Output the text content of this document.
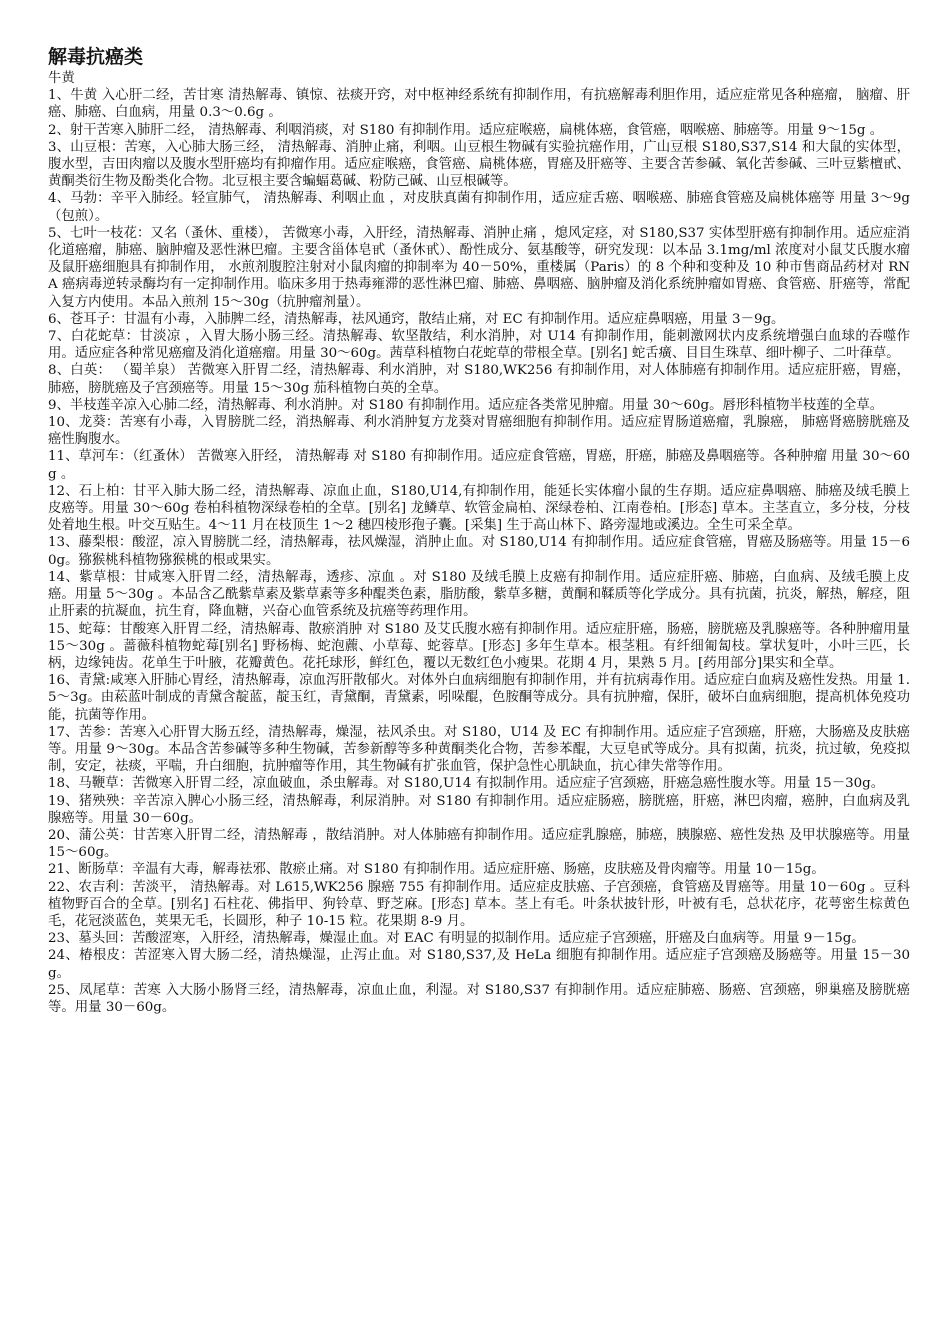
解毒抗癌类

牛黄

1、牛黄 入心肝二经，苦甘寒 清热解毒、镇惊、祛痰开窍，对中枢神经系统有抑制作用，有抗癌解毒利胆作用，适应症常见各种癌瘤， 脑瘤、肝癌、肺癌、白血病，用量 0.3～0.6g 。
2、射干苦寒入肺肝二经， 清热解毒、利咽消痰，对 S180 有抑制作用。适应症喉癌，扁桃体癌，食管癌，咽喉癌、肺癌等。用量 9～15g 。
3、山豆根：苦寒，入心肺大肠三经， 清热解毒、消肿止痛，利咽。山豆根生物碱有实验抗癌作用，广山豆根 S180,S37,S14 和大鼠的实体型，腹水型，吉田肉瘤以及腹水型肝癌均有抑瘤作用。适应症喉癌，食管癌、扁桃体癌，胃癌及肝癌等、主要含苦参碱、氧化苦参碱、三叶豆紫檀甙、黄酮类衍生物及酚类化合物。北豆根主要含蝙蝠葛碱、粉防己碱、山豆根碱等。
4、马勃：辛平入肺经。轻宣肺气， 清热解毒、利咽止血 ，对皮肤真菌有抑制作用，适应症舌癌、咽喉癌、肺癌食管癌及扁桃体癌等 用量 3～9g（包煎）。
5、七叶一枝花：又名（蚤休、重楼）， 苦微寒小毒，入肝经，清热解毒、消肿止痛 ，熄风定痉，对 S180,S37 实体型肝癌有抑制作用。适应症消化道癌瘤，肺癌、脑肿瘤及恶性淋巴瘤。主要含甾体皂甙（蚤休甙）、酚性成分、氨基酸等，研究发现：以本品 3.1mg/ml 浓度对小鼠艾氏腹水瘤及鼠肝癌细胞具有抑制作用， 水煎剂腹腔注射对小鼠肉瘤的抑制率为 40－50%，重楼属（Paris）的 8 个种和变种及 10 种市售商品药材对 RNA 癌病毒逆转录酶均有一定抑制作用。临床多用于热毒雍滞的恶性淋巴瘤、肺癌、鼻咽癌、脑肿瘤及消化系统肿瘤如胃癌、食管癌、肝癌等，常配入复方内使用。本品入煎剂 15～30g（抗肿瘤剂量）。
6、苍耳子：甘温有小毒，入肺脾二经，清热解毒，祛风通窍，散结止痛，对 EC 有抑制作用。适应症鼻咽癌，用量 3－9g。
7、白花蛇草：甘淡凉 ，入胃大肠小肠三经。清热解毒、软坚散结，利水消肿，对 U14 有抑制作用，能刺激网状内皮系统增强白血球的吞噬作用。适应症各种常见癌瘤及消化道癌瘤。用量 30～60g。茜草科植物白花蛇草的带根全草。[别名] 蛇舌癀、目目生珠草、细叶柳子、二叶葎草。
8、白英： （蜀羊泉） 苦微寒入肝胃二经，清热解毒、利水消肿，对 S180,WK256 有抑制作用，对人体肺癌有抑制作用。适应症肝癌，胃癌，肺癌，膀胱癌及子宫颈癌等。用量 15～30g 茄科植物白英的全草。
9、半枝莲辛凉入心肺二经，清热解毒、利水消肿。对 S180 有抑制作用。适应症各类常见肿瘤。用量 30～60g。唇形科植物半枝莲的全草。
10、龙葵：苦寒有小毒，入胃膀胱二经，消热解毒、利水消肿复方龙葵对胃癌细胞有抑制作用。适应症胃肠道癌瘤，乳腺癌， 肺癌肾癌膀胱癌及癌性胸腹水。
11、草河车：（红蚤休） 苦微寒入肝经， 清热解毒 对 S180 有抑制作用。适应症食管癌，胃癌，肝癌，肺癌及鼻咽癌等。各种肿瘤 用量 30～60g 。
12、石上柏：甘平入肺大肠二经，清热解毒、凉血止血，S180,U14,有抑制作用，能延长实体瘤小鼠的生存期。适应症鼻咽癌、肺癌及绒毛膜上皮癌等。用量 30～60g 卷柏科植物深绿卷柏的全草。[别名] 龙鳞草、软管金扁柏、深绿卷柏、江南卷柏。[形态] 草本。主茎直立，多分枝，分枝处着地生根。叶交互贴生。4～11 月在枝顶生 1～2 穗四棱形孢子囊。[采集] 生于高山林下、路旁湿地或溪边。全生可采全草。
13、藤梨根：酸涩，凉入胃膀胱二经，清热解毒，祛风燥湿，消肿止血。对 S180,U14 有抑制作用。适应症食管癌，胃癌及肠癌等。用量 15－60g。猕猴桃科植物猕猴桃的根或果实。
14、紫草根：甘咸寒入肝胃二经，清热解毒，透疹、凉血 。对 S180 及绒毛膜上皮癌有抑制作用。适应症肝癌、肺癌，白血病、及绒毛膜上皮癌。用量 5～30g 。本品含乙酰紫草素及紫草素等多种醌类色素，脂肪酸，紫草多糖，黄酮和鞣质等化学成分。具有抗菌，抗炎，解热，解痉，阻止肝素的抗凝血，抗生育，降血糖，兴奋心血管系统及抗癌等药理作用。
15、蛇莓：甘酸寒入肝胃二经，清热解毒、散瘀消肿 对 S180 及艾氏腹水癌有抑制作用。适应症肝癌，肠癌，膀胱癌及乳腺癌等。各种肿瘤用量 15～30g 。蔷薇科植物蛇莓[别名] 野杨梅、蛇泡藨、小草莓、蛇蓉草。[形态] 多年生草本。根茎粗。有纤细匍匐枝。掌状复叶，小叶三匹，长柄，边缘钝齿。花单生于叶腋，花瓣黄色。花托球形，鲜红色，覆以无数红色小瘦果。花期 4 月，果熟 5 月。[药用部分]果实和全草。
16、青黛:咸寒入肝肺心胃经，清热解毒，凉血泻肝散郁火。对体外白血病细胞有抑制作用，并有抗病毒作用。适应症白血病及癌性发热。用量 1.5～3g。由菘蓝叶制成的青黛含靛蓝，靛玉红，青黛酮，青黛素，吲哚醌，色胺酮等成分。具有抗肿瘤，保肝，破坏白血病细胞，提高机体免疫功能，抗菌等作用。
17、苦参：苦寒入心肝胃大肠五经，清热解毒，燥湿，祛风杀虫。对 S180，U14 及 EC 有抑制作用。适应症子宫颈癌，肝癌，大肠癌及皮肤癌等。用量 9～30g。本品含苦参碱等多种生物碱，苦参新醇等多种黄酮类化合物，苦参苯醌，大豆皂甙等成分。具有拟菌，抗炎，抗过敏，免疫拟制，安定，祛痰，平喘，升白细胞，抗肿瘤等作用，其生物碱有扩张血管，保护急性心肌缺血，抗心律失常等作用。
18、马鞭草：苦微寒入肝胃二经，凉血破血，杀虫解毒。对 S180,U14 有拟制作用。适应症子宫颈癌，肝癌急癌性腹水等。用量 15－30g。
19、猪殃殃：辛苦凉入脾心小肠三经，清热解毒，利尿消肿。对 S180 有抑制作用。适应症肠癌，膀胱癌，肝癌，淋巴肉瘤，癌肿，白血病及乳腺癌等。用量 30－60g。
20、蒲公英：甘苦寒入肝胃二经，清热解毒 ，散结消肿。对人体肺癌有抑制作用。适应症乳腺癌，肺癌，胰腺癌、癌性发热 及甲状腺癌等。用量 15～60g。
21、断肠草：辛温有大毒，解毒祛邪、散瘀止痛。对 S180 有抑制作用。适应症肝癌、肠癌，皮肤癌及骨肉瘤等。用量 10－15g。
22、农吉利：苦淡平， 清热解毒。对 L615,WK256 腺癌 755 有抑制作用。适应症皮肤癌、子宫颈癌，食管癌及胃癌等。用量 10－60g 。豆科植物野百合的全草。[别名] 石柱花、佛指甲、狗铃草、野芝麻。[形态] 草本。茎上有毛。叶条状披针形，叶被有毛，总状花序，花萼密生棕黄色毛，花冠淡蓝色，荚果无毛，长圆形，种子 10-15 粒。花果期 8-9 月。
23、墓头回：苦酸涩寒，入肝经，清热解毒，燥湿止血。对 EAC 有明显的拟制作用。适应症子宫颈癌，肝癌及白血病等。用量 9－15g。
24、椿根皮：苦涩寒入胃大肠二经，清热燥湿，止泻止血。对 S180,S37,及 HeLa 细胞有抑制作用。适应症子宫颈癌及肠癌等。用量 15－30g。
25、凤尾草：苦寒 入大肠小肠肾三经，清热解毒，凉血止血，利湿。对 S180,S37 有抑制作用。适应症肺癌、肠癌、宫颈癌，卵巢癌及膀胱癌等。用量 30－60g。
